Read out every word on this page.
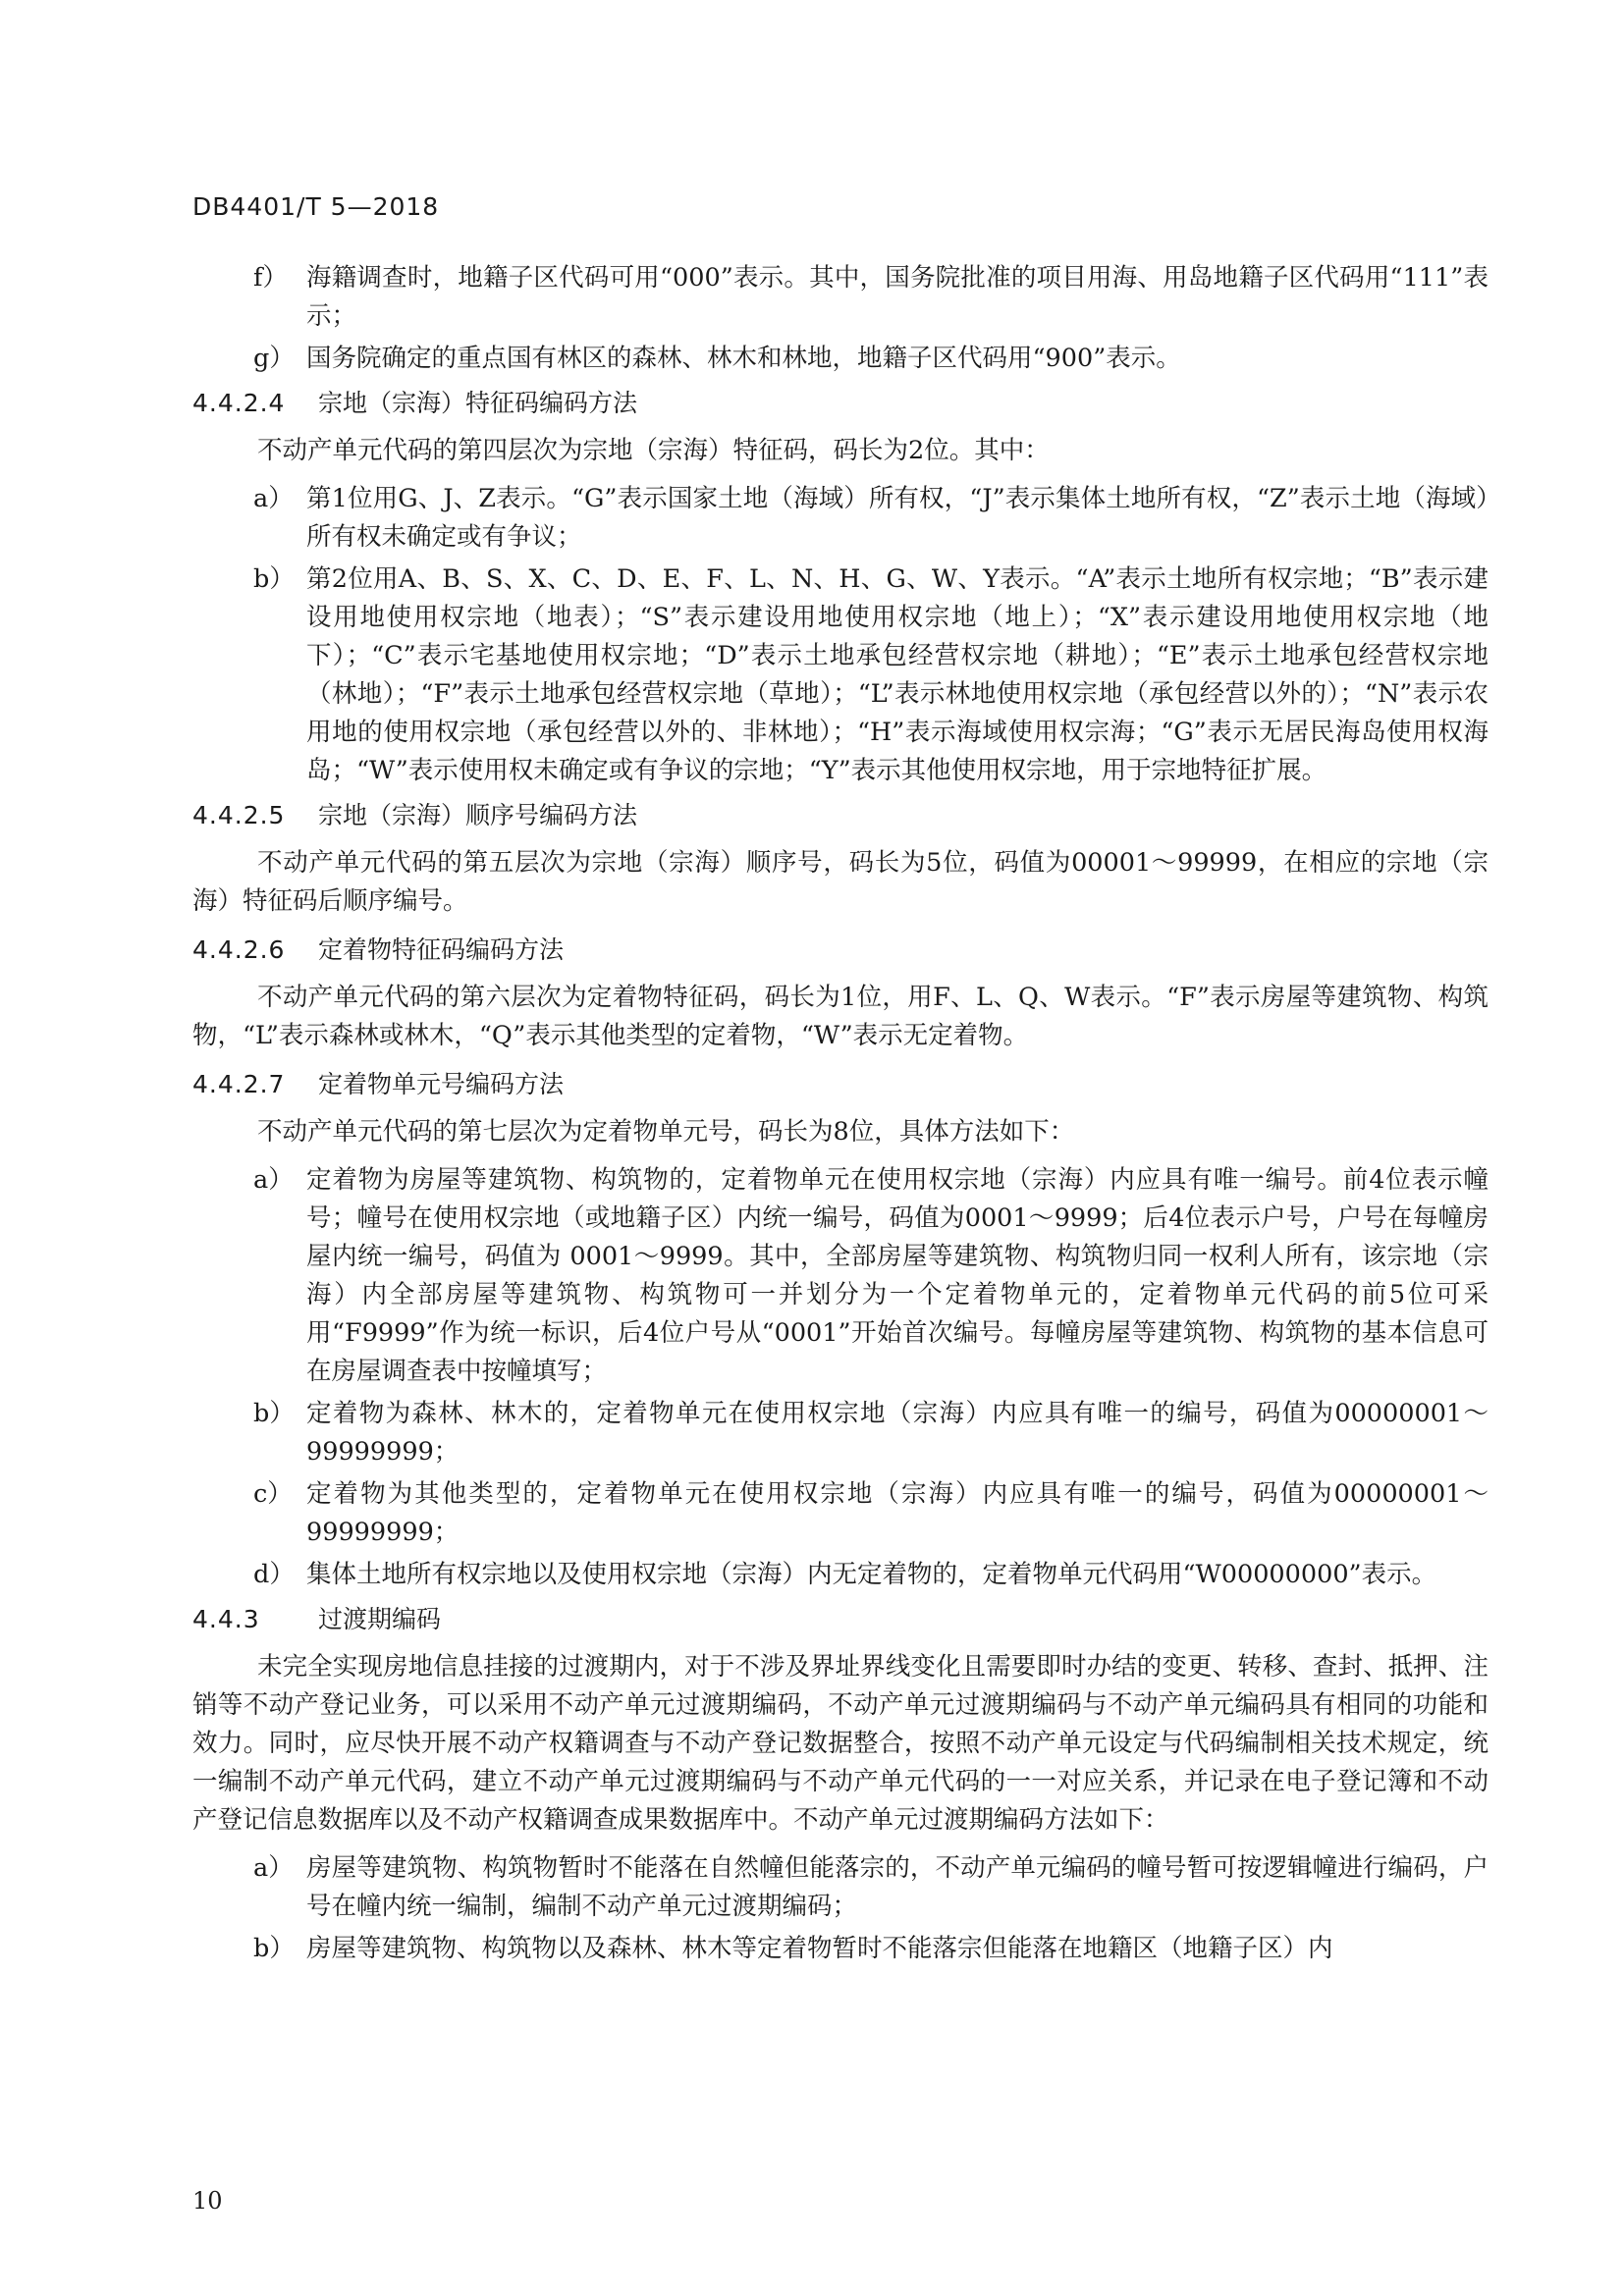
DB4401/T 5—2018
f） 海籍调查时，地籍子区代码可用“000”表示。其中，国务院批准的项目用海、用岛地籍子区代码用“111”表示；
g） 国务院确定的重点国有林区的森林、林木和林地，地籍子区代码用“900”表示。
4.4.2.4 宗地（宗海）特征码编码方法
不动产单元代码的第四层次为宗地（宗海）特征码，码长为2位。其中：
a） 第1位用G、J、Z表示。“G”表示国家土地（海域）所有权，“J”表示集体土地所有权，“Z”表示土地（海域）所有权未确定或有争议；
b） 第2位用A、B、S、X、C、D、E、F、L、N、H、G、W、Y表示。“A”表示土地所有权宗地；“B”表示建设用地使用权宗地（地表）；“S”表示建设用地使用权宗地（地上）；“X”表示建设用地使用权宗地（地下）；“C”表示宅基地使用权宗地；“D”表示土地承包经营权宗地（耕地）；“E”表示土地承包经营权宗地（林地）；“F”表示土地承包经营权宗地（草地）；“L”表示林地使用权宗地（承包经营以外的）；“N”表示农用地的使用权宗地（承包经营以外的、非林地）；“H”表示海域使用权宗海；“G”表示无居民海岛使用权海岛；“W”表示使用权未确定或有争议的宗地；“Y”表示其他使用权宗地，用于宗地特征扩展。
4.4.2.5 宗地（宗海）顺序号编码方法
不动产单元代码的第五层次为宗地（宗海）顺序号，码长为5位，码值为00001～99999，在相应的宗地（宗海）特征码后顺序编号。
4.4.2.6 定着物特征码编码方法
不动产单元代码的第六层次为定着物特征码，码长为1位，用F、L、Q、W表示。“F”表示房屋等建筑物、构筑物，“L”表示森林或林木，“Q”表示其他类型的定着物，“W”表示无定着物。
4.4.2.7 定着物单元号编码方法
不动产单元代码的第七层次为定着物单元号，码长为8位，具体方法如下：
a） 定着物为房屋等建筑物、构筑物的，定着物单元在使用权宗地（宗海）内应具有唯一编号。前4位表示幢号；幢号在使用权宗地（或地籍子区）内统一编号，码值为0001～9999；后4位表示户号，户号在每幢房屋内统一编号，码值为 0001～9999。其中，全部房屋等建筑物、构筑物归同一权利人所有，该宗地（宗海）内全部房屋等建筑物、构筑物可一并划分为一个定着物单元的，定着物单元代码的前5位可采用“F9999”作为统一标识，后4位户号从“0001”开始首次编号。每幢房屋等建筑物、构筑物的基本信息可在房屋调查表中按幢填写；
b） 定着物为森林、林木的，定着物单元在使用权宗地（宗海）内应具有唯一的编号，码值为00000001～ 99999999；
c） 定着物为其他类型的，定着物单元在使用权宗地（宗海）内应具有唯一的编号，码值为00000001～ 99999999；
d） 集体土地所有权宗地以及使用权宗地（宗海）内无定着物的，定着物单元代码用“W00000000”表示。
4.4.3 过渡期编码
未完全实现房地信息挂接的过渡期内，对于不涉及界址界线变化且需要即时办结的变更、转移、查封、抵押、注销等不动产登记业务，可以采用不动产单元过渡期编码，不动产单元过渡期编码与不动产单元编码具有相同的功能和效力。同时，应尽快开展不动产权籍调查与不动产登记数据整合，按照不动产单元设定与代码编制相关技术规定，统一编制不动产单元代码，建立不动产单元过渡期编码与不动产单元代码的一一对应关系，并记录在电子登记簿和不动产登记信息数据库以及不动产权籍调查成果数据库中。不动产单元过渡期编码方法如下：
a） 房屋等建筑物、构筑物暂时不能落在自然幢但能落宗的，不动产单元编码的幢号暂可按逻辑幢进行编码，户号在幢内统一编制，编制不动产单元过渡期编码；
b） 房屋等建筑物、构筑物以及森林、林木等定着物暂时不能落宗但能落在地籍区（地籍子区）内
10
